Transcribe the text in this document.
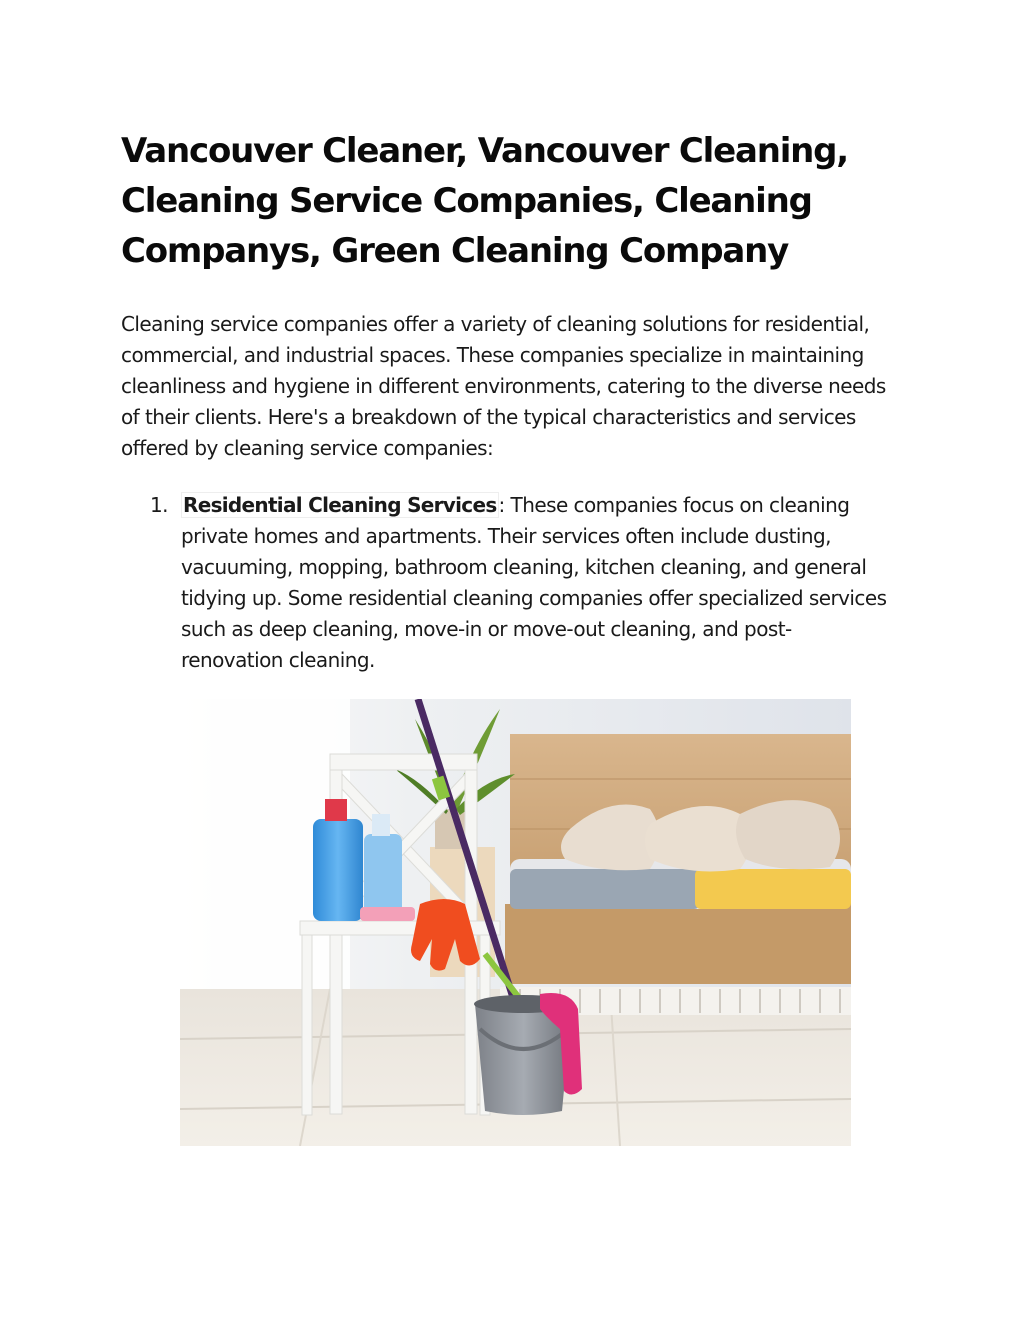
Vancouver Cleaner, Vancouver Cleaning, Cleaning Service Companies, Cleaning Companys, Green Cleaning Company

Cleaning service companies offer a variety of cleaning solutions for residential, commercial, and industrial spaces. These companies specialize in maintaining cleanliness and hygiene in different environments, catering to the diverse needs of their clients. Here's a breakdown of the typical characteristics and services offered by cleaning service companies:

1. Residential Cleaning Services : These companies focus on cleaning private homes and apartments. Their services often include dusting, vacuuming, mopping, bathroom cleaning, kitchen cleaning, and general tidying up. Some residential cleaning companies offer specialized services such as deep cleaning, move-in or move-out cleaning, and post-renovation cleaning.
